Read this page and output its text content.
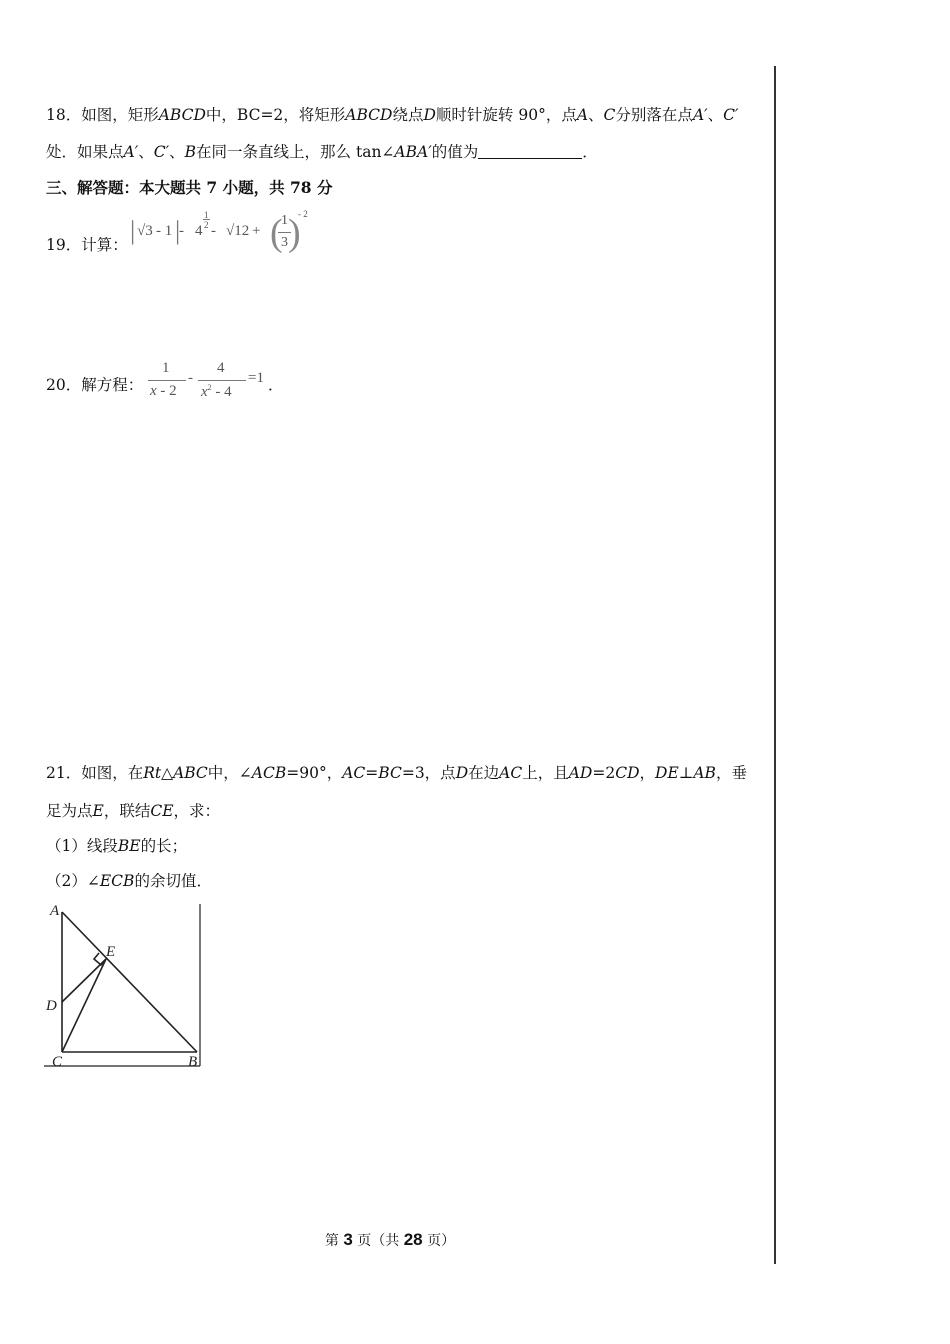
18．如图，矩形ABCD中，BC=2，将矩形ABCD绕点D顺时针旋转 90°，点A、C分别落在点A′、C′
处．如果点A′、C′、B在同一条直线上，那么 tan∠ABA′的值为	．
三、解答题：本大题共 7 小题，共 78 分
19．计算： | √3 - 1 |
- 4
1
2 - √12 + (
1
3 )
- 2
20．解方程：
1
x - 2
-
4
$x^2 - 4$
=1 ．
21．如图，在Rt△ABC中，∠ACB=90°，AC=BC=3，点D在边AC上，且AD=2CD，DE⊥AB，垂
足为点E，联结CE，求：
（1）线段BE的长；
（2）∠ECB的余切值．
A
E
D
C	B
第 3 页（共 28 页）
